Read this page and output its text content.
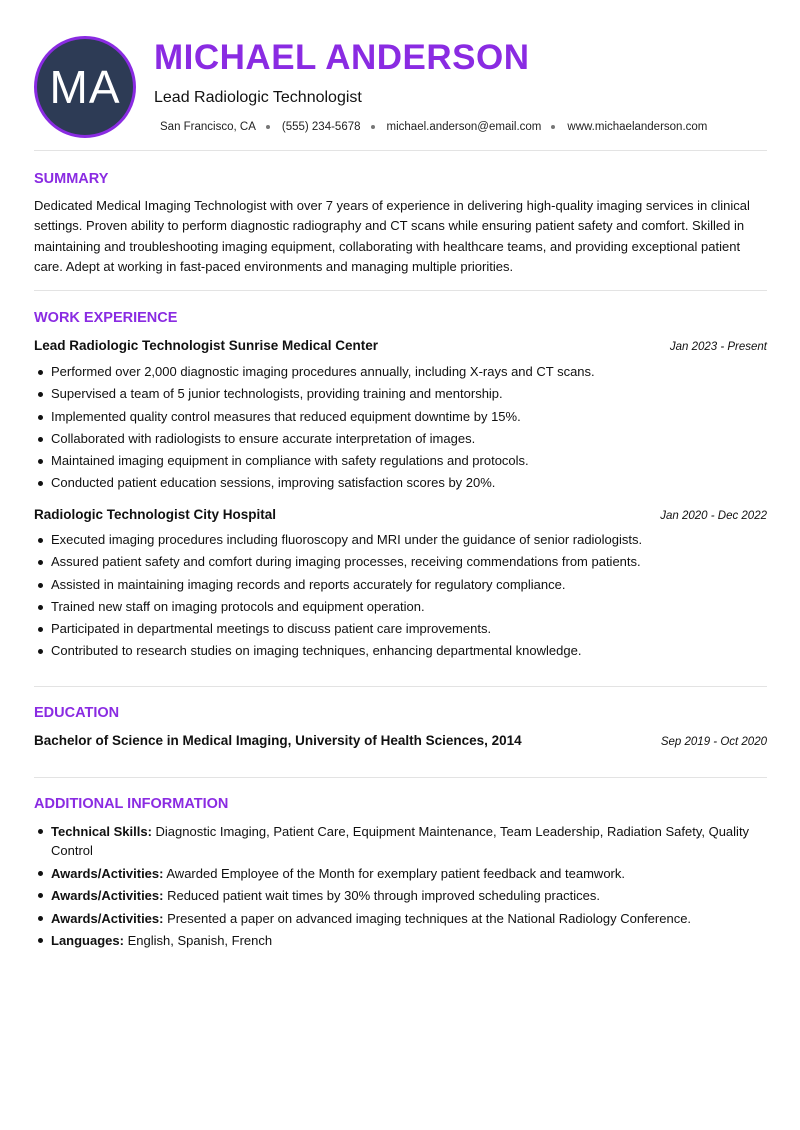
MA
MICHAEL ANDERSON
Lead Radiologic Technologist
San Francisco, CA (555) 234-5678 michael.anderson@email.com www.michaelanderson.com
SUMMARY
Dedicated Medical Imaging Technologist with over 7 years of experience in delivering high-quality imaging services in clinical settings. Proven ability to perform diagnostic radiography and CT scans while ensuring patient safety and comfort. Skilled in maintaining and troubleshooting imaging equipment, collaborating with healthcare teams, and providing exceptional patient care. Adept at working in fast-paced environments and managing multiple priorities.
WORK EXPERIENCE
Lead Radiologic Technologist Sunrise Medical Center	Jan 2023 - Present
Performed over 2,000 diagnostic imaging procedures annually, including X-rays and CT scans.
Supervised a team of 5 junior technologists, providing training and mentorship.
Implemented quality control measures that reduced equipment downtime by 15%.
Collaborated with radiologists to ensure accurate interpretation of images.
Maintained imaging equipment in compliance with safety regulations and protocols.
Conducted patient education sessions, improving satisfaction scores by 20%.
Radiologic Technologist City Hospital	Jan 2020 - Dec 2022
Executed imaging procedures including fluoroscopy and MRI under the guidance of senior radiologists.
Assured patient safety and comfort during imaging processes, receiving commendations from patients.
Assisted in maintaining imaging records and reports accurately for regulatory compliance.
Trained new staff on imaging protocols and equipment operation.
Participated in departmental meetings to discuss patient care improvements.
Contributed to research studies on imaging techniques, enhancing departmental knowledge.
EDUCATION
Bachelor of Science in Medical Imaging, University of Health Sciences, 2014	Sep 2019 - Oct 2020
ADDITIONAL INFORMATION
Technical Skills: Diagnostic Imaging, Patient Care, Equipment Maintenance, Team Leadership, Radiation Safety, Quality Control
Awards/Activities: Awarded Employee of the Month for exemplary patient feedback and teamwork.
Awards/Activities: Reduced patient wait times by 30% through improved scheduling practices.
Awards/Activities: Presented a paper on advanced imaging techniques at the National Radiology Conference.
Languages: English, Spanish, French
